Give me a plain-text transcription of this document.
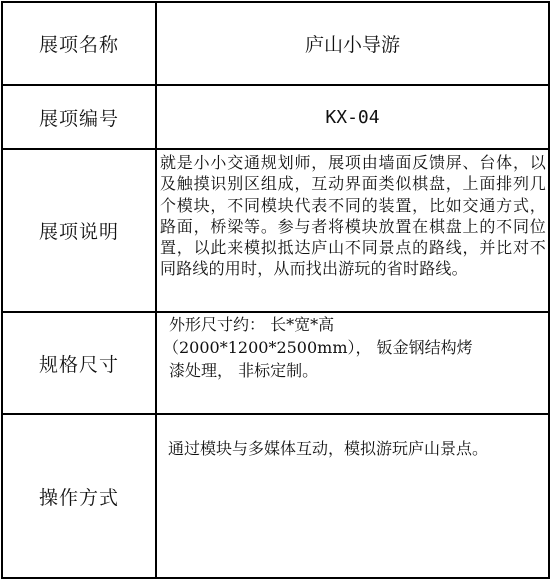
展项名称	庐山小导游
展项编号	KX-04
展项说明
就是小小交通规划师，展项由墙面反馈屏、台体，以及触摸识别区组成，互动界面类似棋盘，上面排列几个模块，不同模块代表不同的装置，比如交通方式，路面，桥梁等。参与者将模块放置在棋盘上的不同位置，以此来模拟抵达庐山不同景点的路线，并比对不同路线的用时，从而找出游玩的省时路线。
规格尺寸
外形尺寸约： 长*宽*高
（2000*1200*2500mm）， 钣金钢结构烤
漆处理， 非标定制。
操作方式
通过模块与多媒体互动，模拟游玩庐山景点。
